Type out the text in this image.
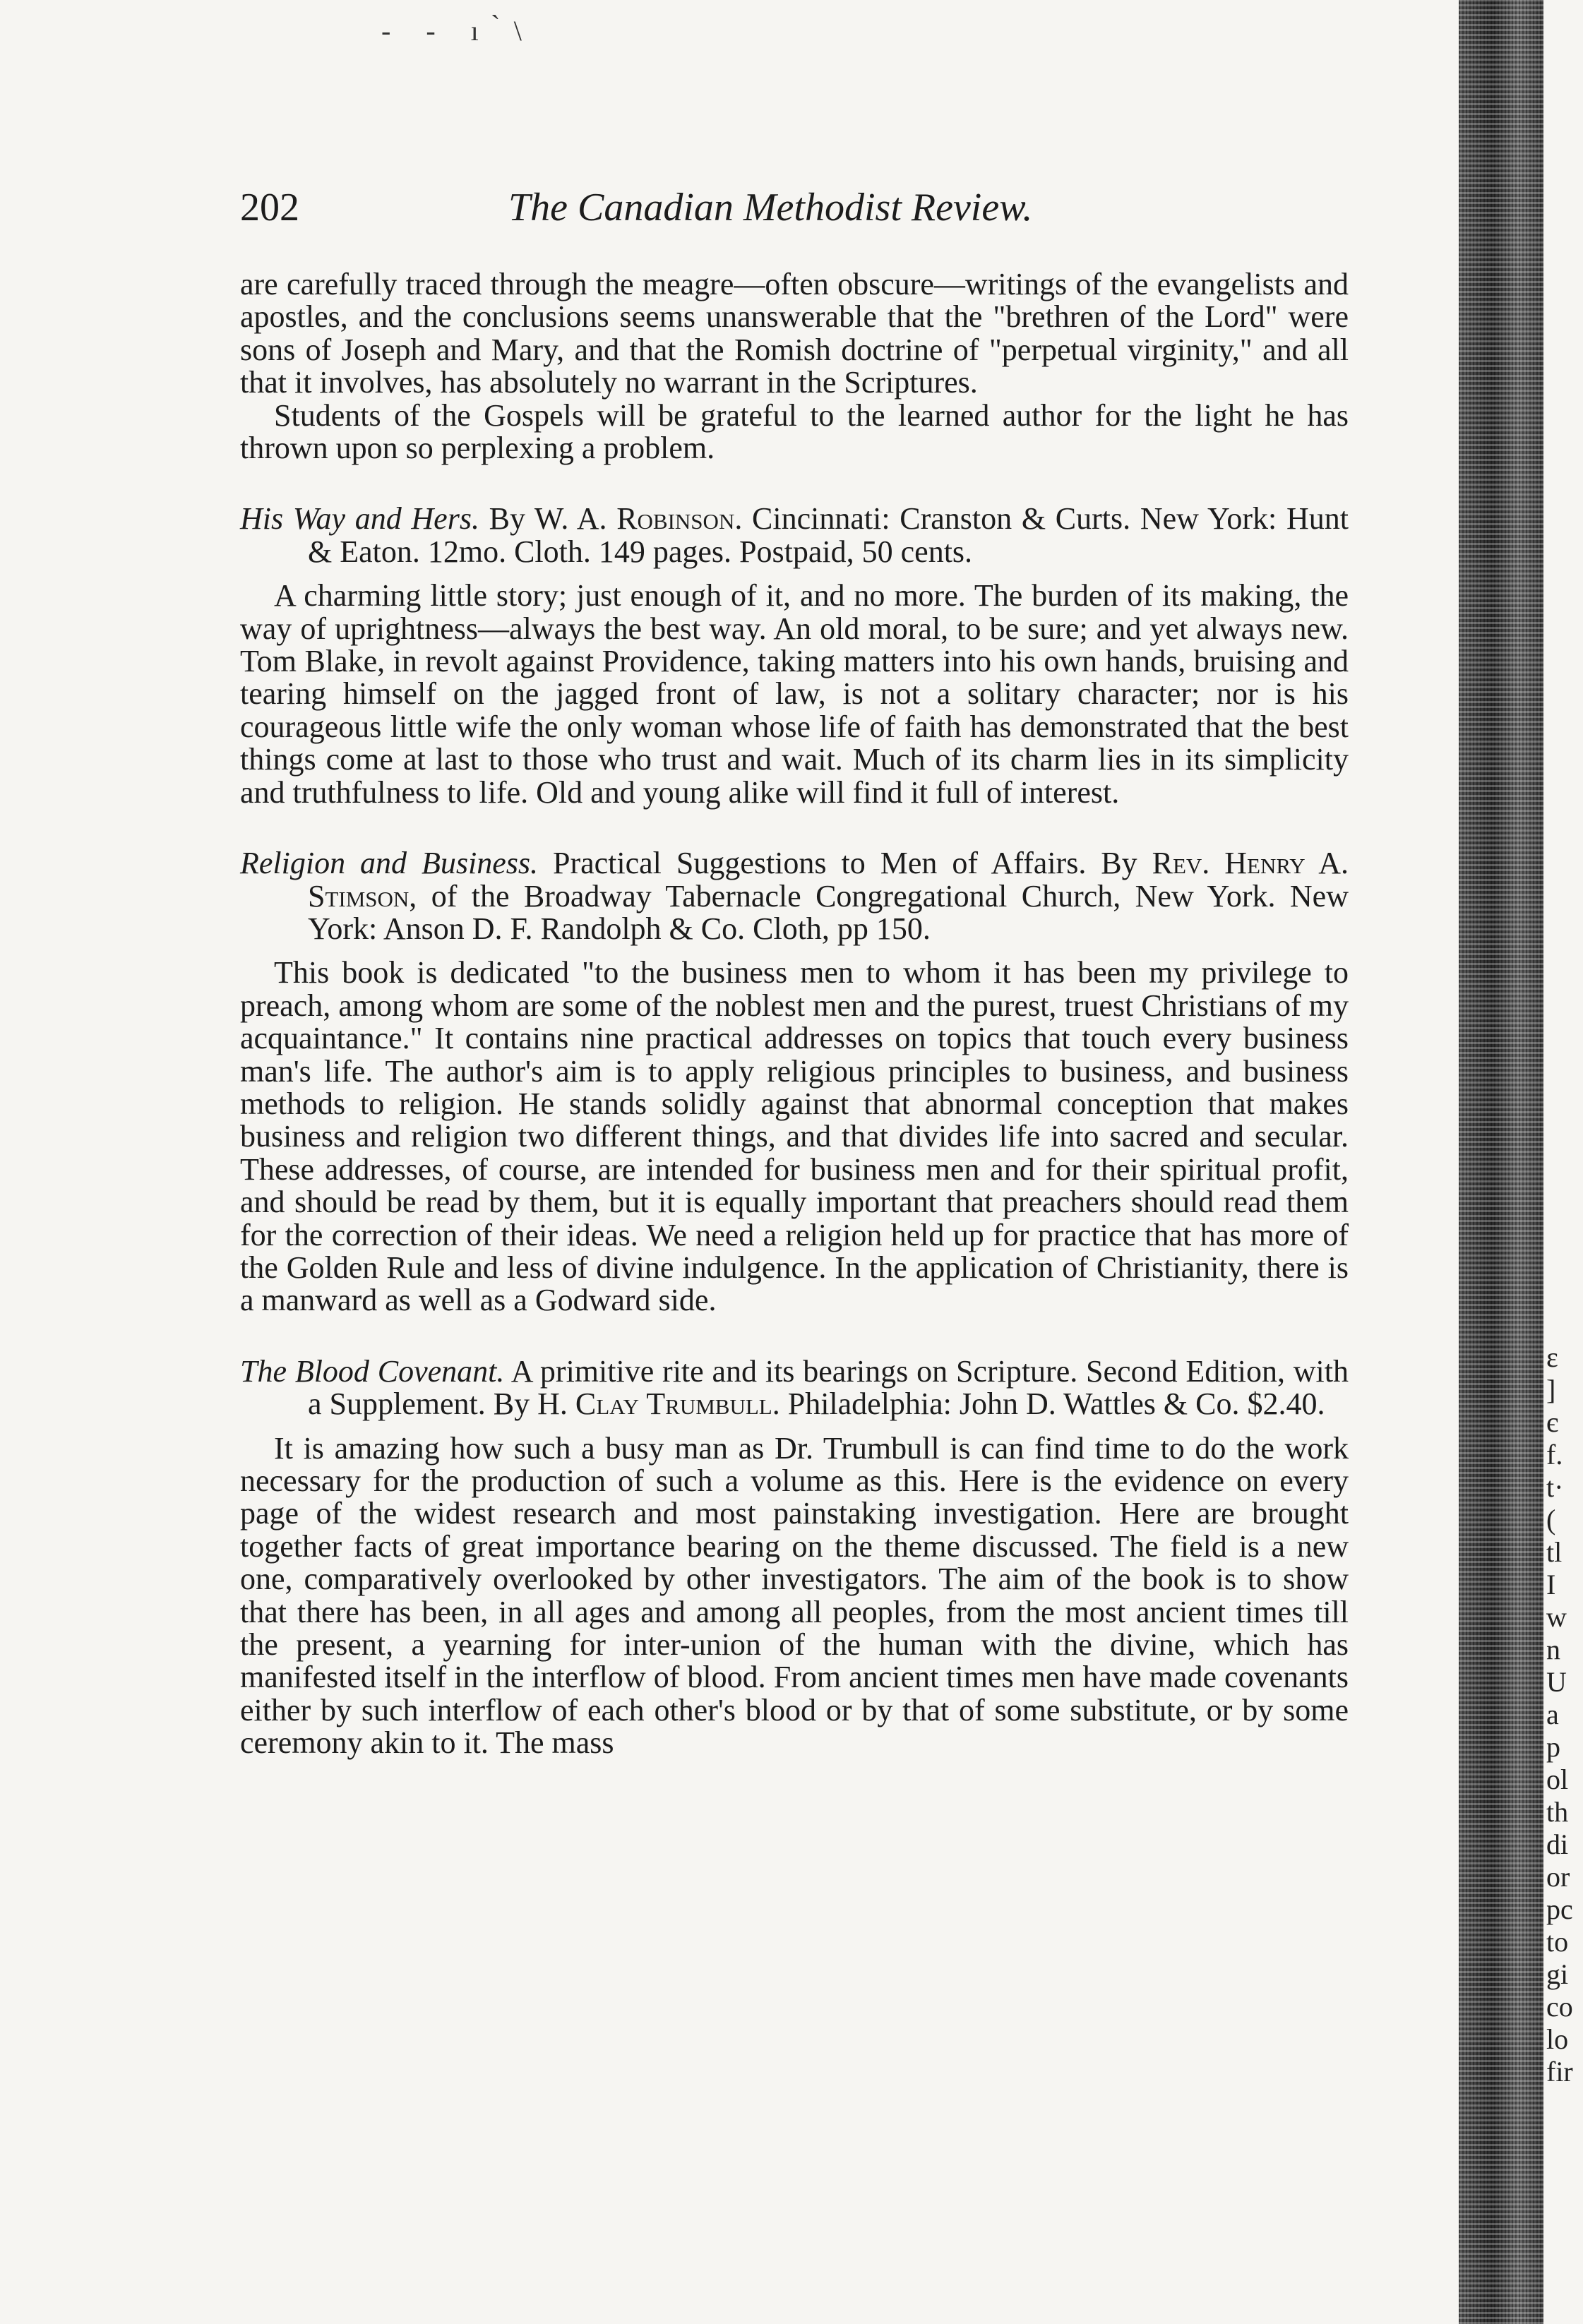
- - ı ̀\
202	The Canadian Methodist Review.

are carefully traced through the meagre—often obscure—writings of the evangelists and apostles, and the conclusions seems unanswerable that the "brethren of the Lord" were sons of Joseph and Mary, and that the Romish doctrine of "perpetual virginity," and all that it involves, has absolutely no warrant in the Scriptures.

Students of the Gospels will be grateful to the learned author for the light he has thrown upon so perplexing a problem.

His Way and Hers. By W. A. Robinson. Cincinnati: Cranston & Curts. New York: Hunt & Eaton. 12mo. Cloth. 149 pages. Postpaid, 50 cents.

A charming little story; just enough of it, and no more. The burden of its making, the way of uprightness—always the best way. An old moral, to be sure; and yet always new. Tom Blake, in revolt against Providence, taking matters into his own hands, bruising and tearing himself on the jagged front of law, is not a solitary character; nor is his courageous little wife the only woman whose life of faith has demonstrated that the best things come at last to those who trust and wait. Much of its charm lies in its simplicity and truthfulness to life. Old and young alike will find it full of interest.

Religion and Business. Practical Suggestions to Men of Affairs. By Rev. Henry A. Stimson, of the Broadway Tabernacle Congregational Church, New York. New York: Anson D. F. Randolph & Co. Cloth, pp 150.

This book is dedicated "to the business men to whom it has been my privilege to preach, among whom are some of the noblest men and the purest, truest Christians of my acquaintance." It contains nine practical addresses on topics that touch every business man's life. The author's aim is to apply religious principles to business, and business methods to religion. He stands solidly against that abnormal conception that makes business and religion two different things, and that divides life into sacred and secular. These addresses, of course, are intended for business men and for their spiritual profit, and should be read by them, but it is equally important that preachers should read them for the correction of their ideas. We need a religion held up for practice that has more of the Golden Rule and less of divine indulgence. In the application of Christianity, there is a manward as well as a Godward side.

The Blood Covenant. A primitive rite and its bearings on Scripture. Second Edition, with a Supplement. By H. Clay Trumbull. Philadelphia: John D. Wattles & Co. $2.40.

It is amazing how such a busy man as Dr. Trumbull is can find time to do the work necessary for the production of such a volume as this. Here is the evidence on every page of the widest research and most painstaking investigation. Here are brought together facts of great importance bearing on the theme discussed. The field is a new one, comparatively overlooked by other investigators. The aim of the book is to show that there has been, in all ages and among all peoples, from the most ancient times till the present, a yearning for inter-union of the human with the divine, which has manifested itself in the interflow of blood. From ancient times men have made covenants either by such interflow of each other's blood or by that of some substitute, or by some ceremony akin to it. The mass

ε
]
є
f.
t·
(
tl
I
w
n
U
a
p
ol
th
di
or
pc
to
gi
co
lo
fir
